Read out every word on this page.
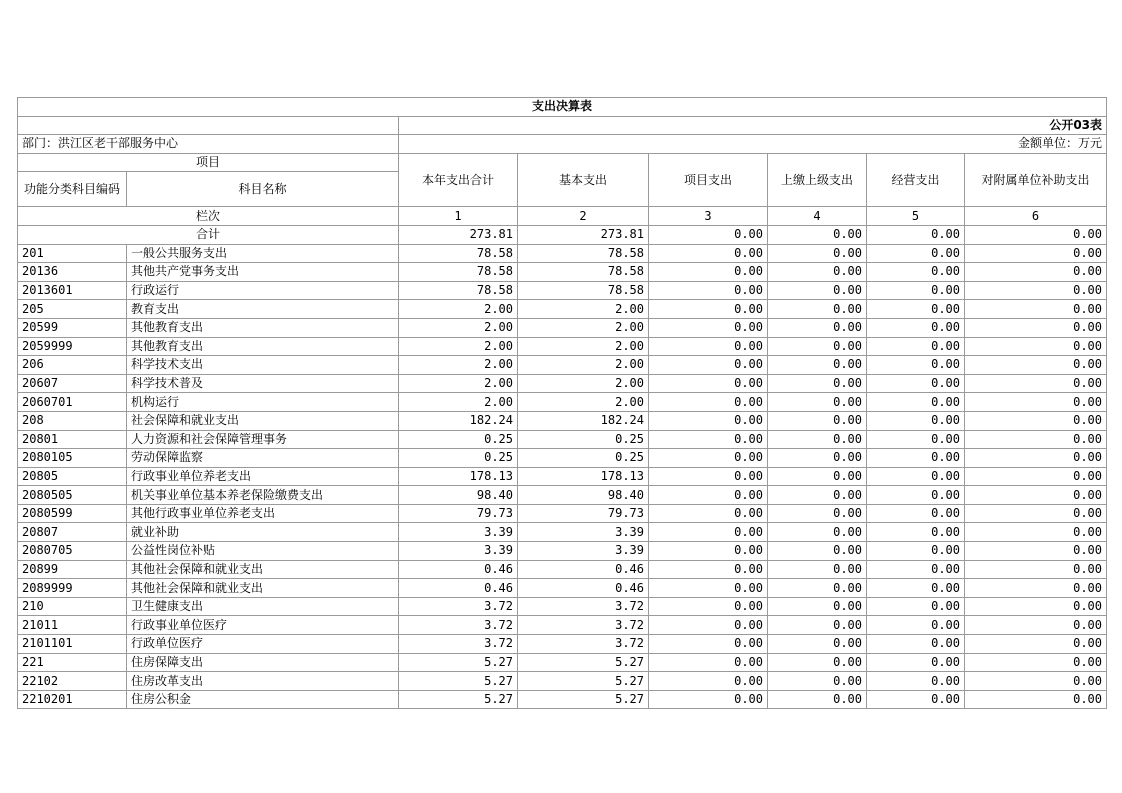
支出决算表							
		公开03表					
部门：洪江区老干部服务中心		金额单位：万元					
项目		本年支出合计	基本支出	项目支出	上缴上级支出	经营支出	对附属单位补助支出
功能分类科目编码	科目名称						
栏次		1	2	3	4	5	6
合计		273.81	273.81	0.00	0.00	0.00	0.00
201	一般公共服务支出	78.58	78.58	0.00	0.00	0.00	0.00
20136	其他共产党事务支出	78.58	78.58	0.00	0.00	0.00	0.00
2013601	行政运行	78.58	78.58	0.00	0.00	0.00	0.00
205	教育支出	2.00	2.00	0.00	0.00	0.00	0.00
20599	其他教育支出	2.00	2.00	0.00	0.00	0.00	0.00
2059999	其他教育支出	2.00	2.00	0.00	0.00	0.00	0.00
206	科学技术支出	2.00	2.00	0.00	0.00	0.00	0.00
20607	科学技术普及	2.00	2.00	0.00	0.00	0.00	0.00
2060701	机构运行	2.00	2.00	0.00	0.00	0.00	0.00
208	社会保障和就业支出	182.24	182.24	0.00	0.00	0.00	0.00
20801	人力资源和社会保障管理事务	0.25	0.25	0.00	0.00	0.00	0.00
2080105	劳动保障监察	0.25	0.25	0.00	0.00	0.00	0.00
20805	行政事业单位养老支出	178.13	178.13	0.00	0.00	0.00	0.00
2080505	机关事业单位基本养老保险缴费支出	98.40	98.40	0.00	0.00	0.00	0.00
2080599	其他行政事业单位养老支出	79.73	79.73	0.00	0.00	0.00	0.00
20807	就业补助	3.39	3.39	0.00	0.00	0.00	0.00
2080705	公益性岗位补贴	3.39	3.39	0.00	0.00	0.00	0.00
20899	其他社会保障和就业支出	0.46	0.46	0.00	0.00	0.00	0.00
2089999	其他社会保障和就业支出	0.46	0.46	0.00	0.00	0.00	0.00
210	卫生健康支出	3.72	3.72	0.00	0.00	0.00	0.00
21011	行政事业单位医疗	3.72	3.72	0.00	0.00	0.00	0.00
2101101	行政单位医疗	3.72	3.72	0.00	0.00	0.00	0.00
221	住房保障支出	5.27	5.27	0.00	0.00	0.00	0.00
22102	住房改革支出	5.27	5.27	0.00	0.00	0.00	0.00
2210201	住房公积金	5.27	5.27	0.00	0.00	0.00	0.00
